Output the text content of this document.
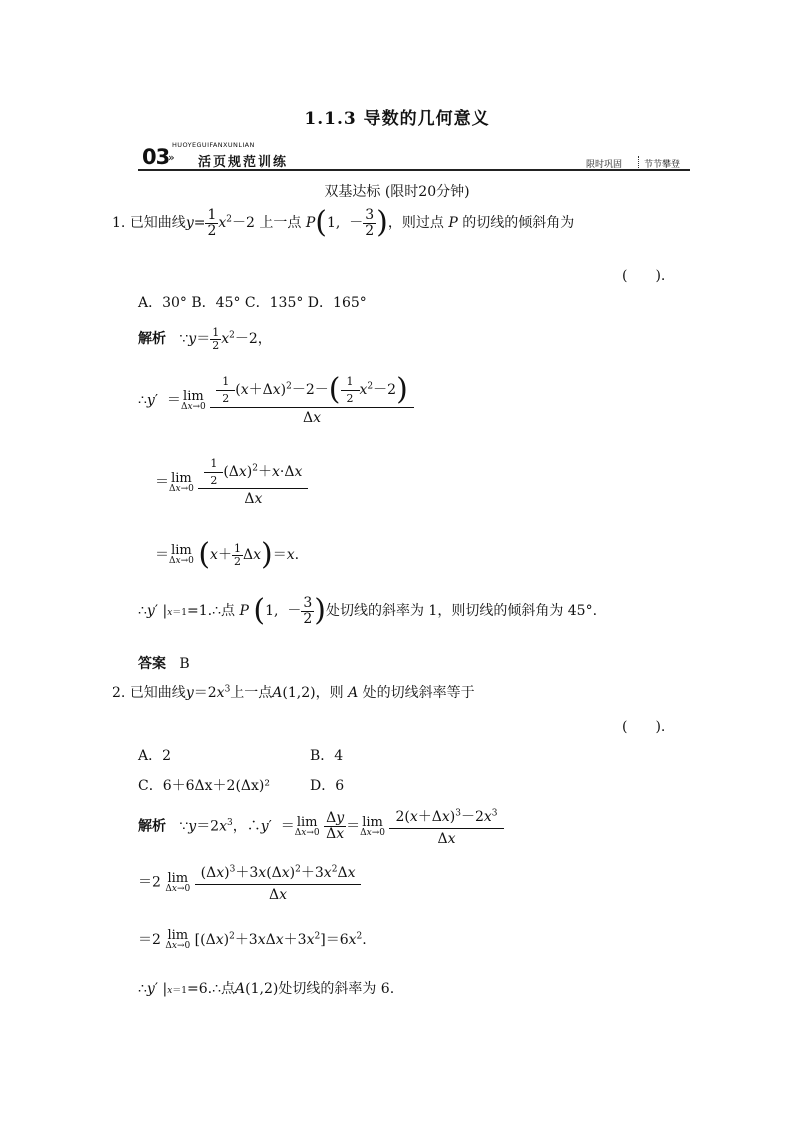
1.1.3 导数的几何意义
03
»
HUOYEGUIFANXUNLIAN
活页规范训练	限时巩固 节节攀登
双基达标 (限时20分钟)
1. 已知曲线$y= \frac{1}{2} x^2-2$ 上一点 P(1,  － $\frac{3}{2}$ )，则过点 P 的切线的倾斜角为
(　　).
A．30° B．45° C．135° D．165°
解析   ∵y＝ $\frac{1}{2} x^2-2$，
∴y′  ＝ lim
Δx→0
$\frac{\frac{1}{2} (x+\Delta x)^2-2-( \frac{1}{2} x^2-2)}{\Delta x}$
＝ lim
Δx→0
$\frac{\frac{1}{2} (\Delta x)^2+x\cdot\Delta x}{\Delta x}$
＝ lim
Δx→0 $(x+ \frac{1}{2} \Delta x)=x$.
∴y′ |x＝1=1.∴点 P (1,  － $\frac{3}{2}$ )处切线的斜率为 1，则切线的倾斜角为 45°.
答案 B
2. 已知曲线$y=2x^3$上一点A(1,2)，则 A 处的切线斜率等于
(　　).
A．2	B．4
C．6＋6Δx＋2(Δx)²	D．6
解析   $\because y=2x^3$，∴y′  ＝ lim
Δx→0
$\frac{\Delta y}{\Delta x} = \lim$
Δx→0
$\frac{2(x+\Delta x)^3-2x^3}{\Delta x}$
＝2 lim
Δx→0
$\frac{(\Delta x)^3+3x(\Delta x)^2+3x^2\Delta x}{\Delta x}$
＝2 lim
Δx→0 $[(\Delta x)^2+3x\Delta x+3x^2]=6x^2$.
∴y′ |x＝1=6.∴点A(1,2)处切线的斜率为 6.
